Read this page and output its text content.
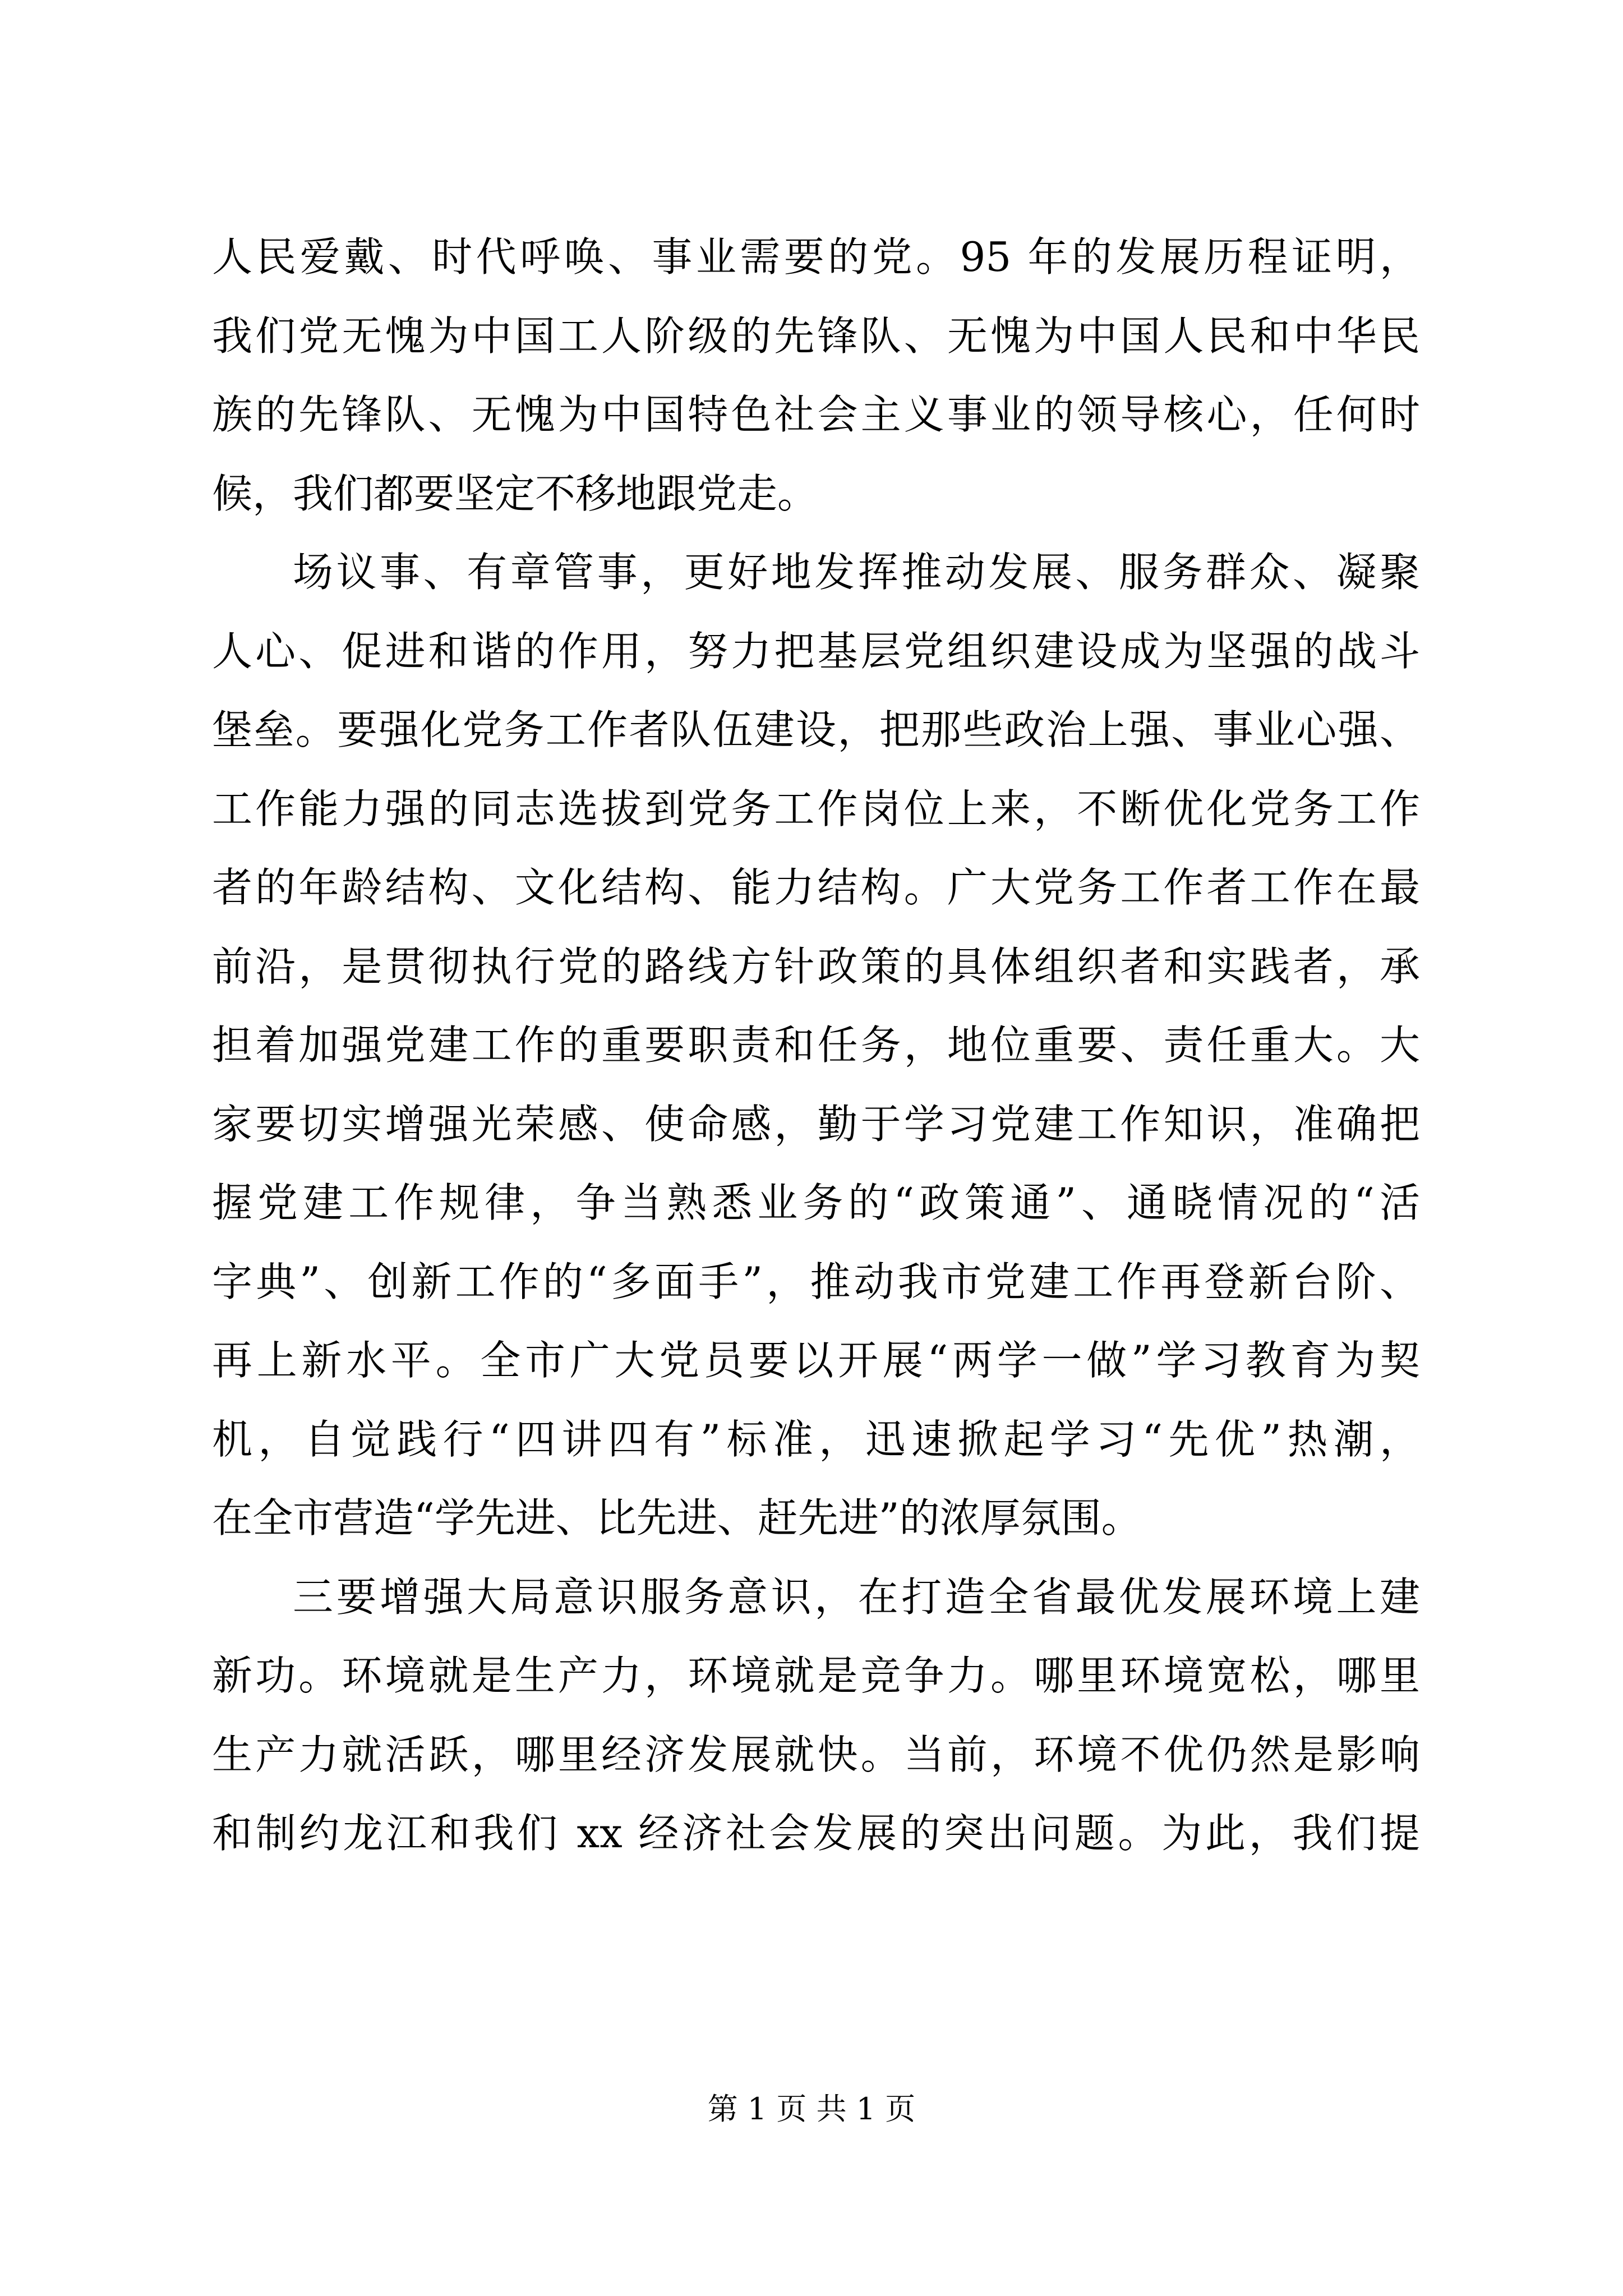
人民爱戴、时代呼唤、事业需要的党。95 年的发展历程证明，
我们党无愧为中国工人阶级的先锋队、无愧为中国人民和中华民
族的先锋队、无愧为中国特色社会主义事业的领导核心，任何时
候，我们都要坚定不移地跟党走。
场议事、有章管事，更好地发挥推动发展、服务群众、凝聚
人心、促进和谐的作用，努力把基层党组织建设成为坚强的战斗
堡垒。要强化党务工作者队伍建设，把那些政治上强、事业心强、
工作能力强的同志选拔到党务工作岗位上来，不断优化党务工作
者的年龄结构、文化结构、能力结构。广大党务工作者工作在最
前沿，是贯彻执行党的路线方针政策的具体组织者和实践者，承
担着加强党建工作的重要职责和任务，地位重要、责任重大。大
家要切实增强光荣感、使命感，勤于学习党建工作知识，准确把
握党建工作规律，争当熟悉业务的“政策通”、通晓情况的“活
字典”、创新工作的“多面手”，推动我市党建工作再登新台阶、
再上新水平。全市广大党员要以开展“两学一做”学习教育为契
机，自觉践行“四讲四有”标准，迅速掀起学习“先优”热潮，
在全市营造“学先进、比先进、赶先进”的浓厚氛围。
三要增强大局意识服务意识，在打造全省最优发展环境上建
新功。环境就是生产力，环境就是竞争力。哪里环境宽松，哪里
生产力就活跃，哪里经济发展就快。当前，环境不优仍然是影响
和制约龙江和我们 xx 经济社会发展的突出问题。为此，我们提
第 1 页 共 1 页
